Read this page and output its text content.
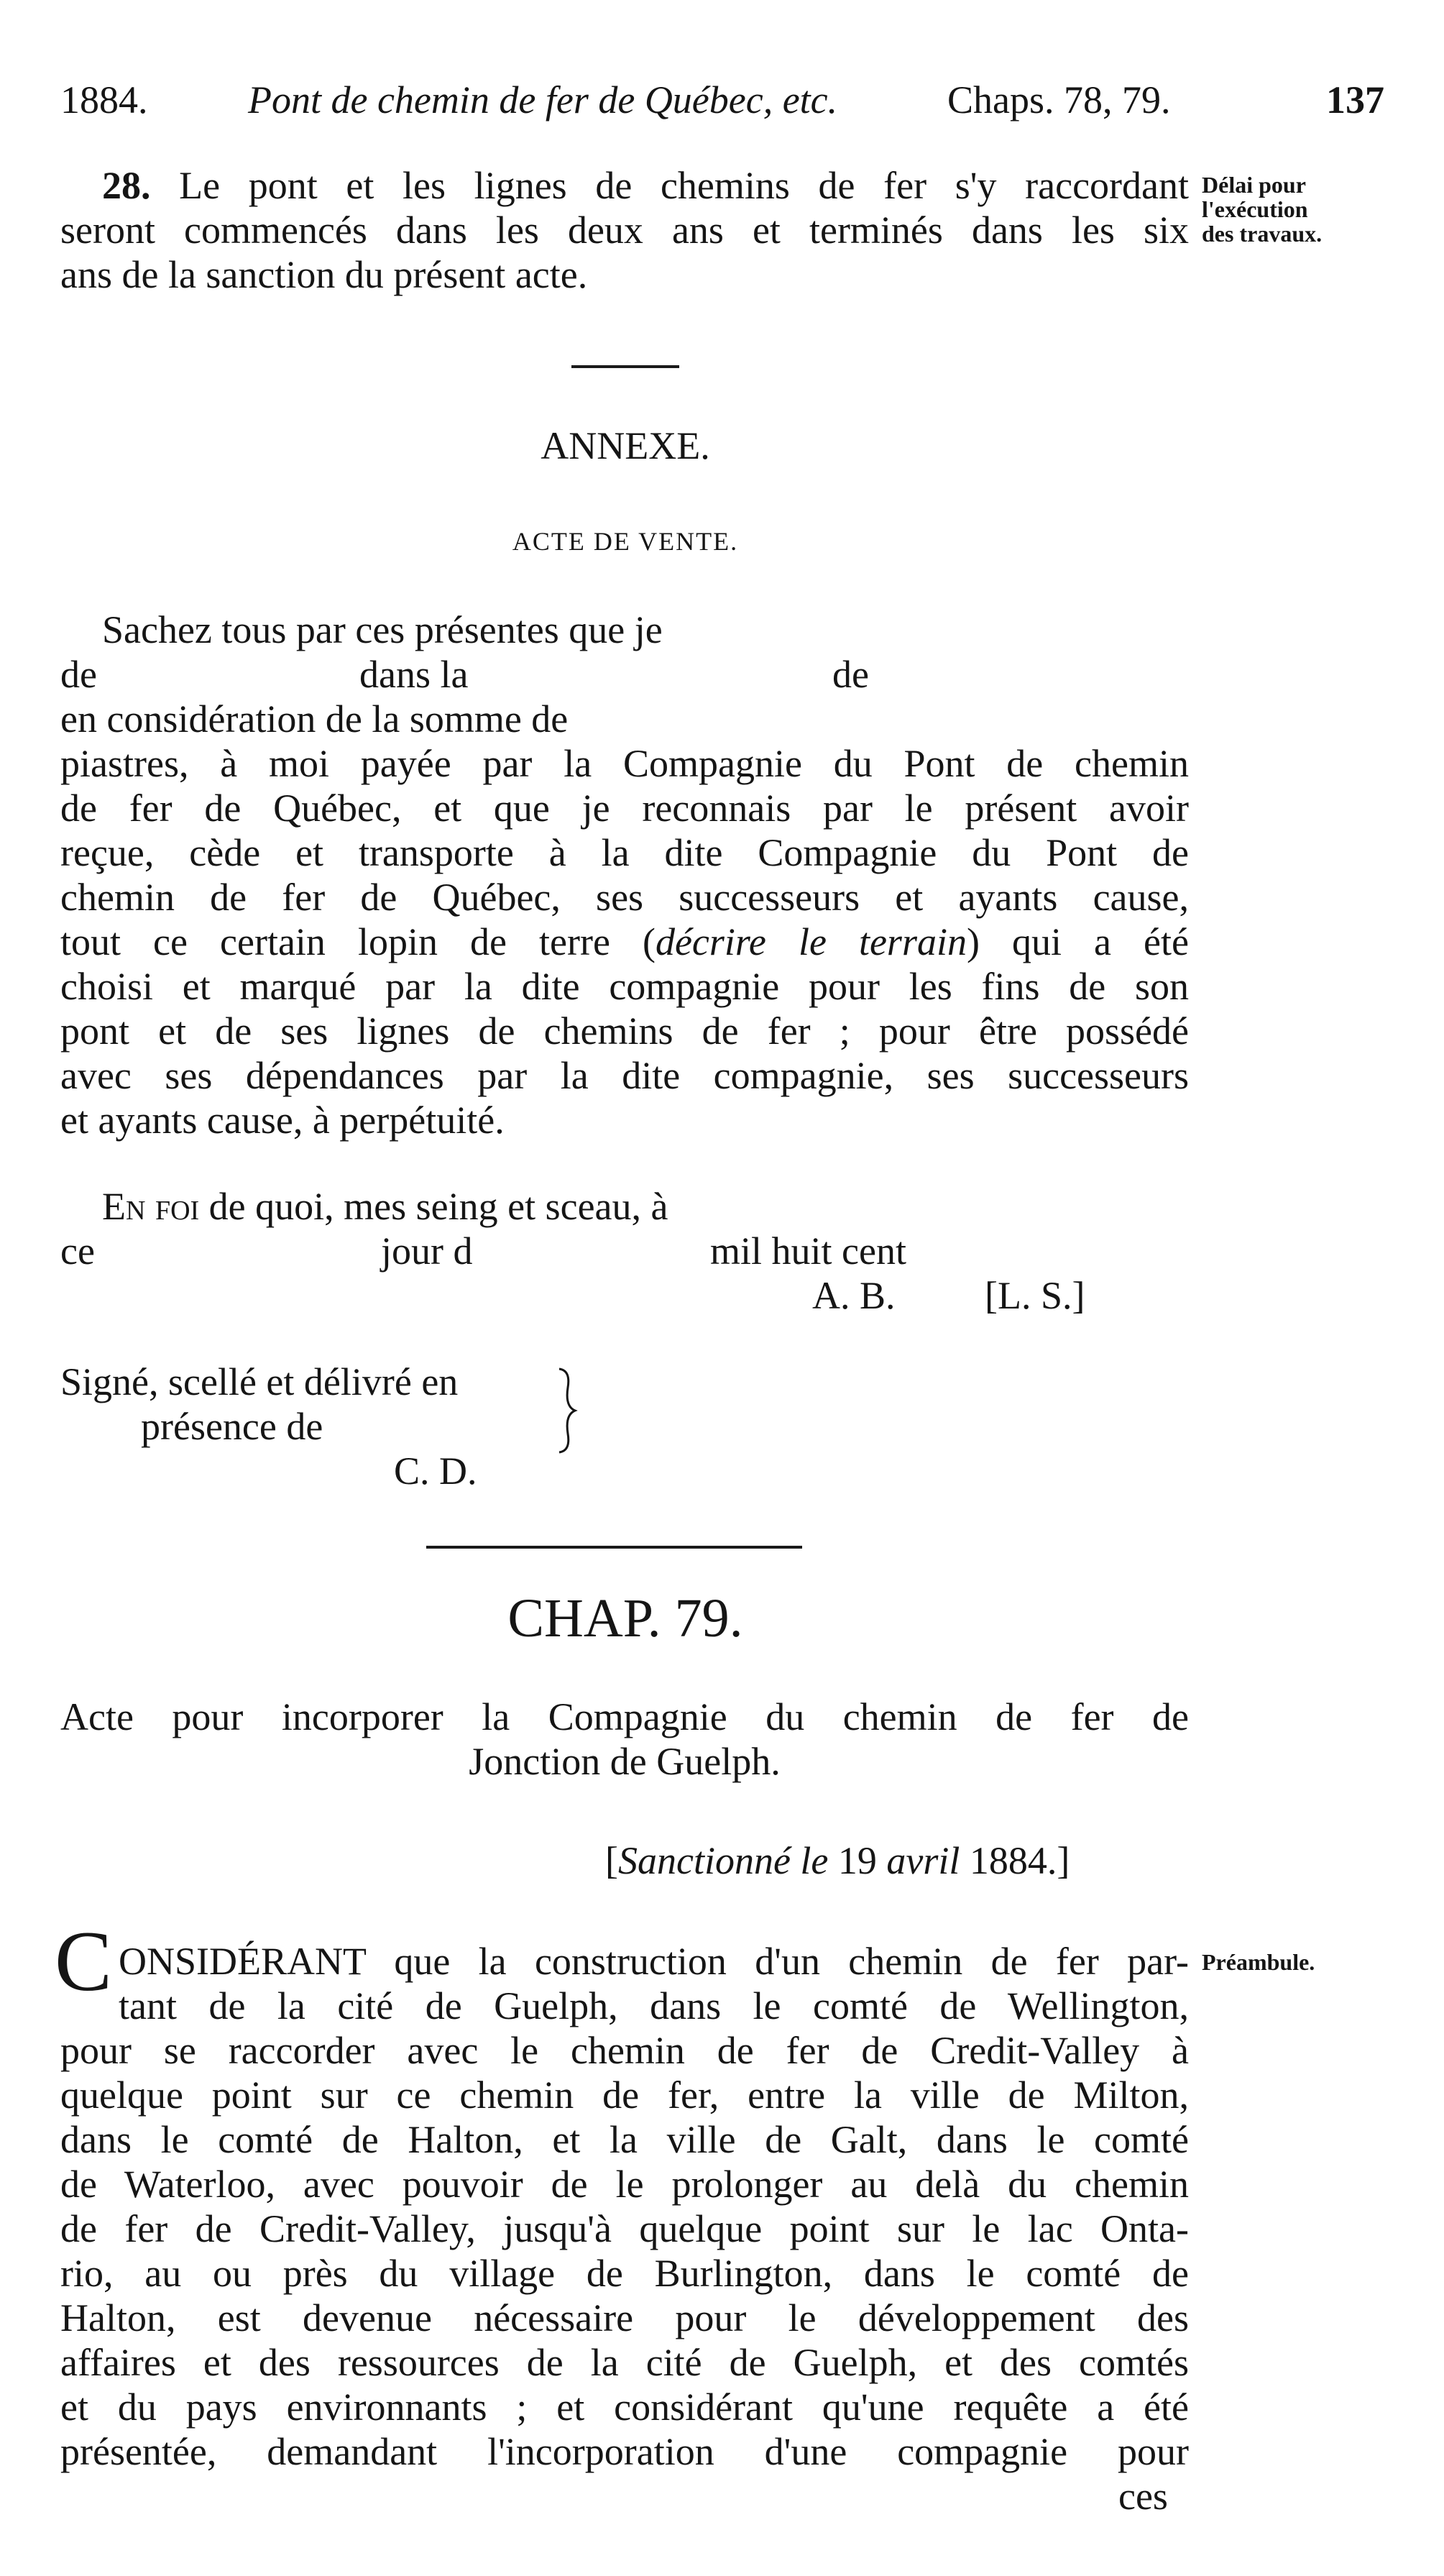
1884.	Pont de chemin de fer de Québec, etc.	Chaps. 78, 79.	137
28. Le pont et les lignes de chemins de fer s'y raccordant
seront commencés dans les deux ans et terminés dans les six
ans de la sanction du présent acte.
Délai pour
l'exécution
des travaux.
ANNEXE.
ACTE DE VENTE.
Sachez tous par ces présentes que je
de	dans la	de
en considération de la somme de
piastres, à moi payée par la Compagnie du Pont de chemin
de fer de Québec, et que je reconnais par le présent avoir
reçue, cède et transporte à la dite Compagnie du Pont de
chemin de fer de Québec, ses successeurs et ayants cause,
tout ce certain lopin de terre (décrire le terrain) qui a été
choisi et marqué par la dite compagnie pour les fins de son
pont et de ses lignes de chemins de fer ; pour être possédé
avec ses dépendances par la dite compagnie, ses successeurs
et ayants cause, à perpétuité.
En foi de quoi, mes seing et sceau, à
ce	jour d	mil huit cent
A. B. [L. S.]
Signé, scellé et délivré en
présence de
C. D.
CHAP. 79.
Acte pour incorporer la Compagnie du chemin de fer de
Jonction de Guelph.
[Sanctionné le 19 avril 1884.]
C ONSIDÉRANT que la construction d'un chemin de fer par-
tant de la cité de Guelph, dans le comté de Wellington,
pour se raccorder avec le chemin de fer de Credit-Valley à
quelque point sur ce chemin de fer, entre la ville de Milton,
dans le comté de Halton, et la ville de Galt, dans le comté
de Waterloo, avec pouvoir de le prolonger au delà du chemin
de fer de Credit-Valley, jusqu'à quelque point sur le lac Onta-
rio, au ou près du village de Burlington, dans le comté de
Halton, est devenue nécessaire pour le développement des
affaires et des ressources de la cité de Guelph, et des comtés
et du pays environnants ; et considérant qu'une requête a été
présentée, demandant l'incorporation d'une compagnie pour
ces
Préambule.
